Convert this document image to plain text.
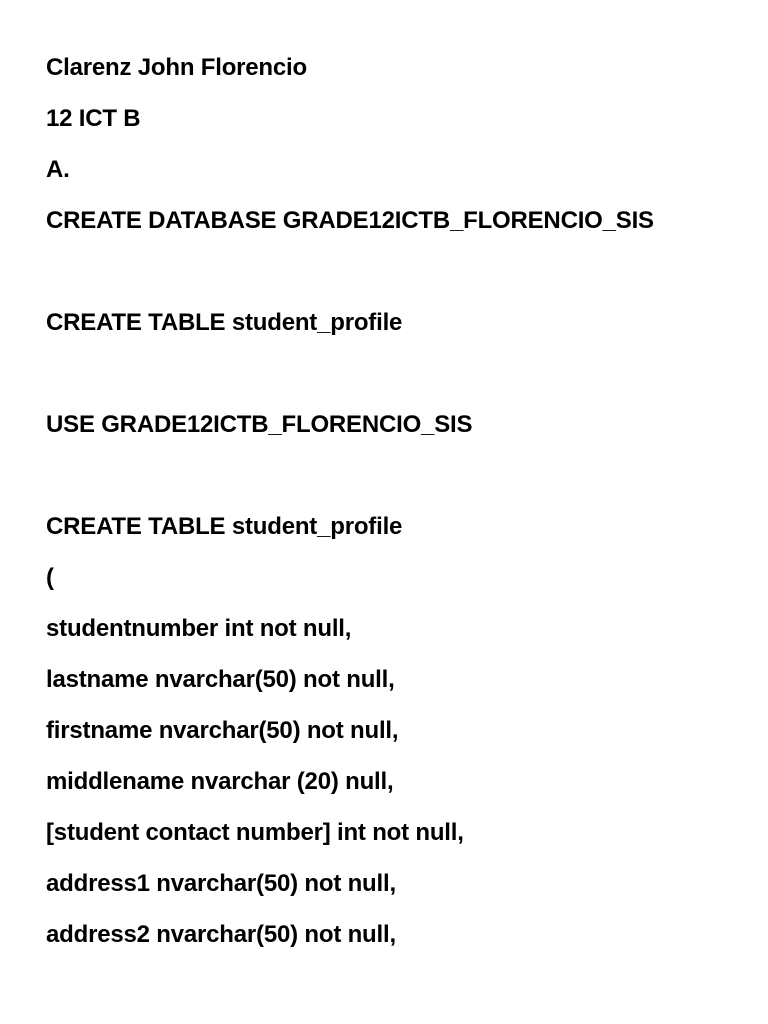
Clarenz John Florencio

12 ICT B

A.

CREATE DATABASE GRADE12ICTB_FLORENCIO_SIS

CREATE TABLE student_profile

USE GRADE12ICTB_FLORENCIO_SIS

CREATE TABLE student_profile

(

studentnumber int not null,

lastname nvarchar(50) not null,

firstname nvarchar(50) not null,

middlename nvarchar (20) null,

[student contact number] int not null,

address1 nvarchar(50) not null,

address2 nvarchar(50) not null,
